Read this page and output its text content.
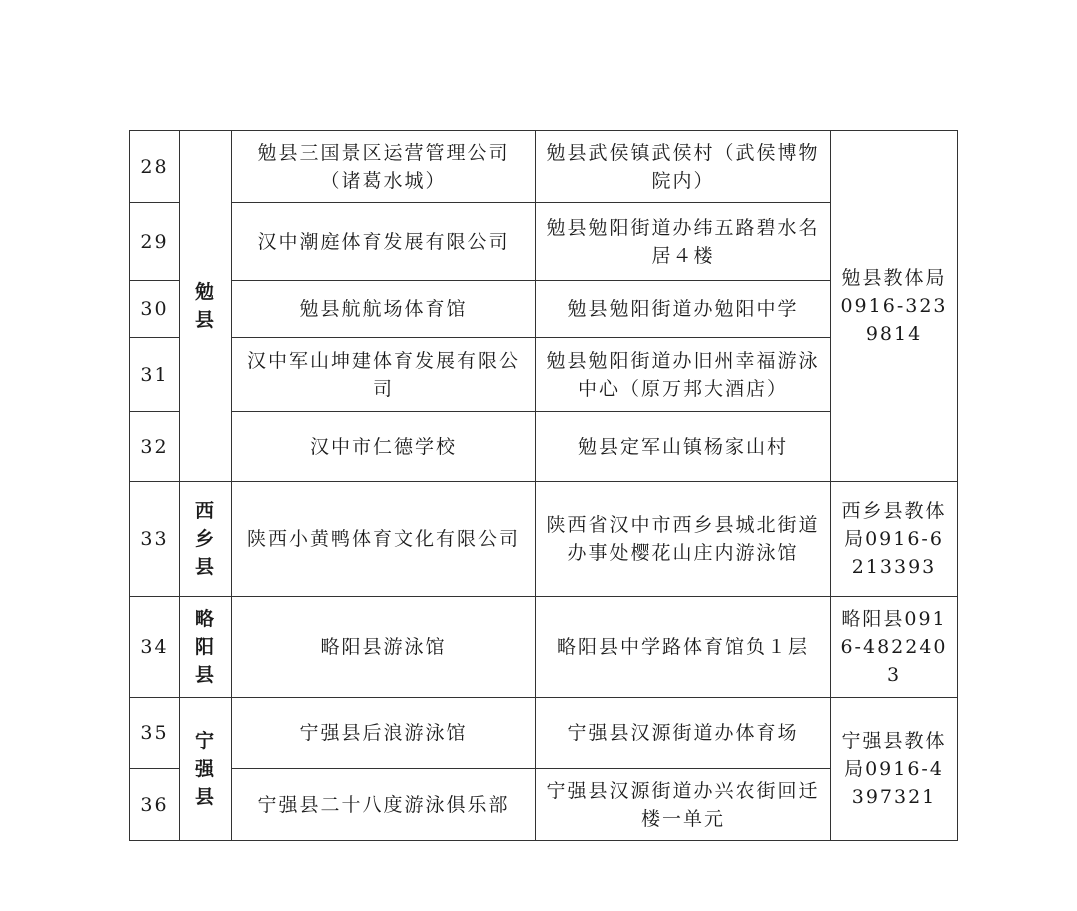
28	勉县	勉县三国景区运营管理公司（诸葛水城）	勉县武侯镇武侯村（武侯博物院内）	勉县教体局0916-3239814
29		汉中潮庭体育发展有限公司	勉县勉阳街道办纬五路碧水名居４楼	
30		勉县航航场体育馆	勉县勉阳街道办勉阳中学	
31		汉中军山坤建体育发展有限公司	勉县勉阳街道办旧州幸福游泳中心（原万邦大酒店）	
32		汉中市仁德学校	勉县定军山镇杨家山村	
33	西乡县	陕西小黄鸭体育文化有限公司	陕西省汉中市西乡县城北街道办事处樱花山庄内游泳馆	西乡县教体局0916-6213393
34	略阳县	略阳县游泳馆	略阳县中学路体育馆负１层	略阳县0916-4822403
35	宁强县	宁强县后浪游泳馆	宁强县汉源街道办体育场	宁强县教体局0916-4397321
36		宁强县二十八度游泳俱乐部	宁强县汉源街道办兴农街回迁楼一单元	
